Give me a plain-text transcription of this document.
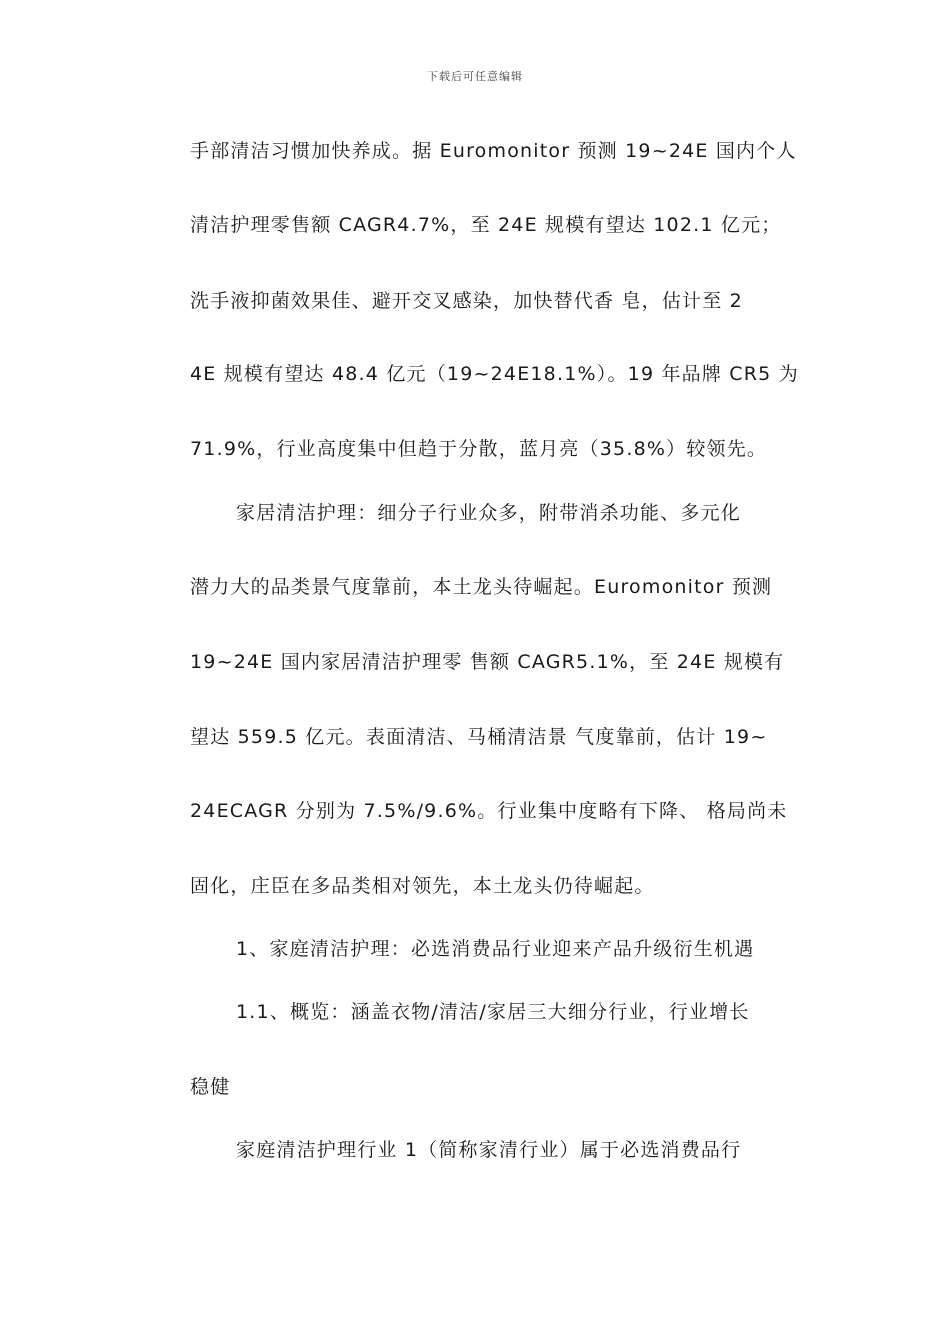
下载后可任意编辑
手部清洁习惯加快养成。据 Euromonitor 预测 19~24E 国内个人
清洁护理零售额 CAGR4.7%，至 24E 规模有望达 102.1 亿元；
洗手液抑菌效果佳、避开交叉感染，加快替代香 皂，估计至 2
4E 规模有望达 48.4 亿元（19~24E18.1%）。19 年品牌 CR5 为
71.9%，行业高度集中但趋于分散，蓝月亮（35.8%）较领先。
家居清洁护理：细分子行业众多，附带消杀功能、多元化
潜力大的品类景气度靠前，本土龙头待崛起。Euromonitor 预测
19~24E 国内家居清洁护理零 售额 CAGR5.1%，至 24E 规模有
望达 559.5 亿元。表面清洁、马桶清洁景 气度靠前，估计 19~
24ECAGR 分别为 7.5%/9.6%。行业集中度略有下降、 格局尚未
固化，庄臣在多品类相对领先，本土龙头仍待崛起。
1、家庭清洁护理：必选消费品行业迎来产品升级衍生机遇
1.1、概览：涵盖衣物/清洁/家居三大细分行业，行业增长
稳健
家庭清洁护理行业 1（简称家清行业）属于必选消费品行
